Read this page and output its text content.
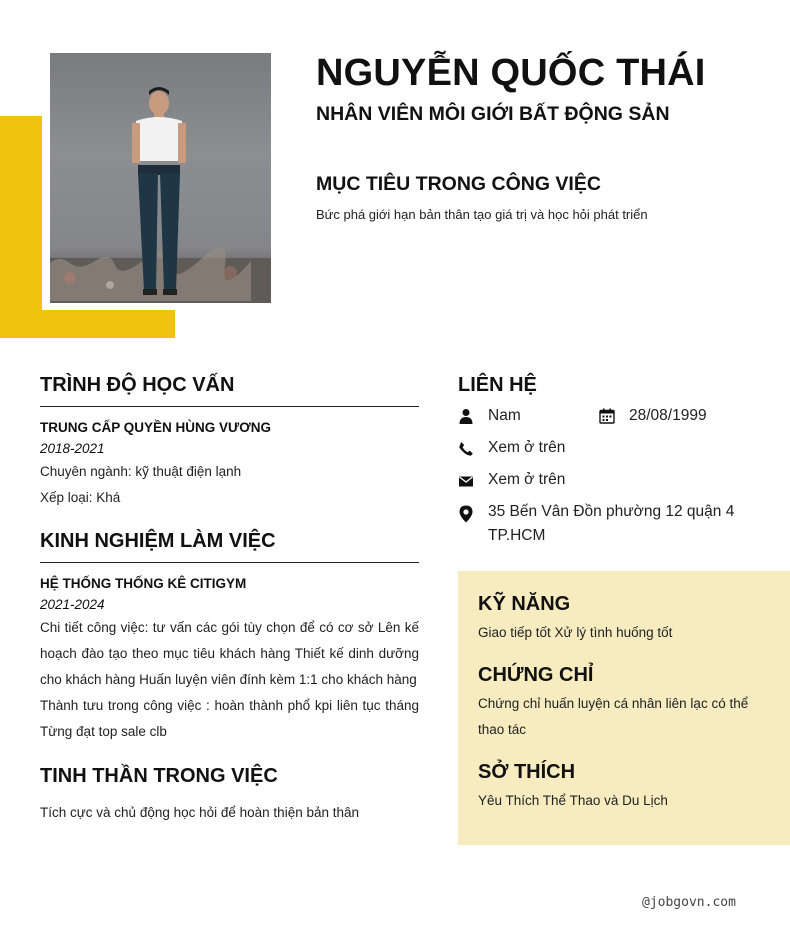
NGUYỄN QUỐC THÁI
NHÂN VIÊN MÔI GIỚI BẤT ĐỘNG SẢN
MỤC TIÊU TRONG CÔNG VIỆC
Bức phá giới hạn bản thân tạo giá trị và học hỏi phát triển
TRÌNH ĐỘ HỌC VẤN
TRUNG CẤP QUYỀN HÙNG VƯƠNG
2018-2021
Chuyên ngành: kỹ thuật điện lạnh
Xếp loại: Khá
KINH NGHIỆM LÀM VIỆC
HỆ THỐNG THỐNG KÊ CITIGYM
2021-2024
Chi tiết công việc: tư vấn các gói tùy chọn để có cơ sở Lên kế hoạch đào tạo theo mục tiêu khách hàng Thiết kế dinh dưỡng cho khách hàng Huấn luyện viên đính kèm 1:1 cho khách hàng
Thành tưu trong công việc : hoàn thành phổ kpi liên tục tháng Từng đạt top sale clb
TINH THẦN TRONG VIỆC
Tích cực và chủ động học hỏi để hoàn thiện bản thân
LIÊN HỆ
Nam	28/08/1999
Xem ở trên
Xem ở trên
35 Bến Vân Đồn phường 12 quận 4
TP.HCM
KỸ NĂNG
Giao tiếp tốt Xử lý tình huống tốt
CHỨNG CHỈ
Chứng chỉ huấn luyện cá nhân liên lạc có thể thao tác
SỞ THÍCH
Yêu Thích Thể Thao và Du Lịch
@jobgovn.com
